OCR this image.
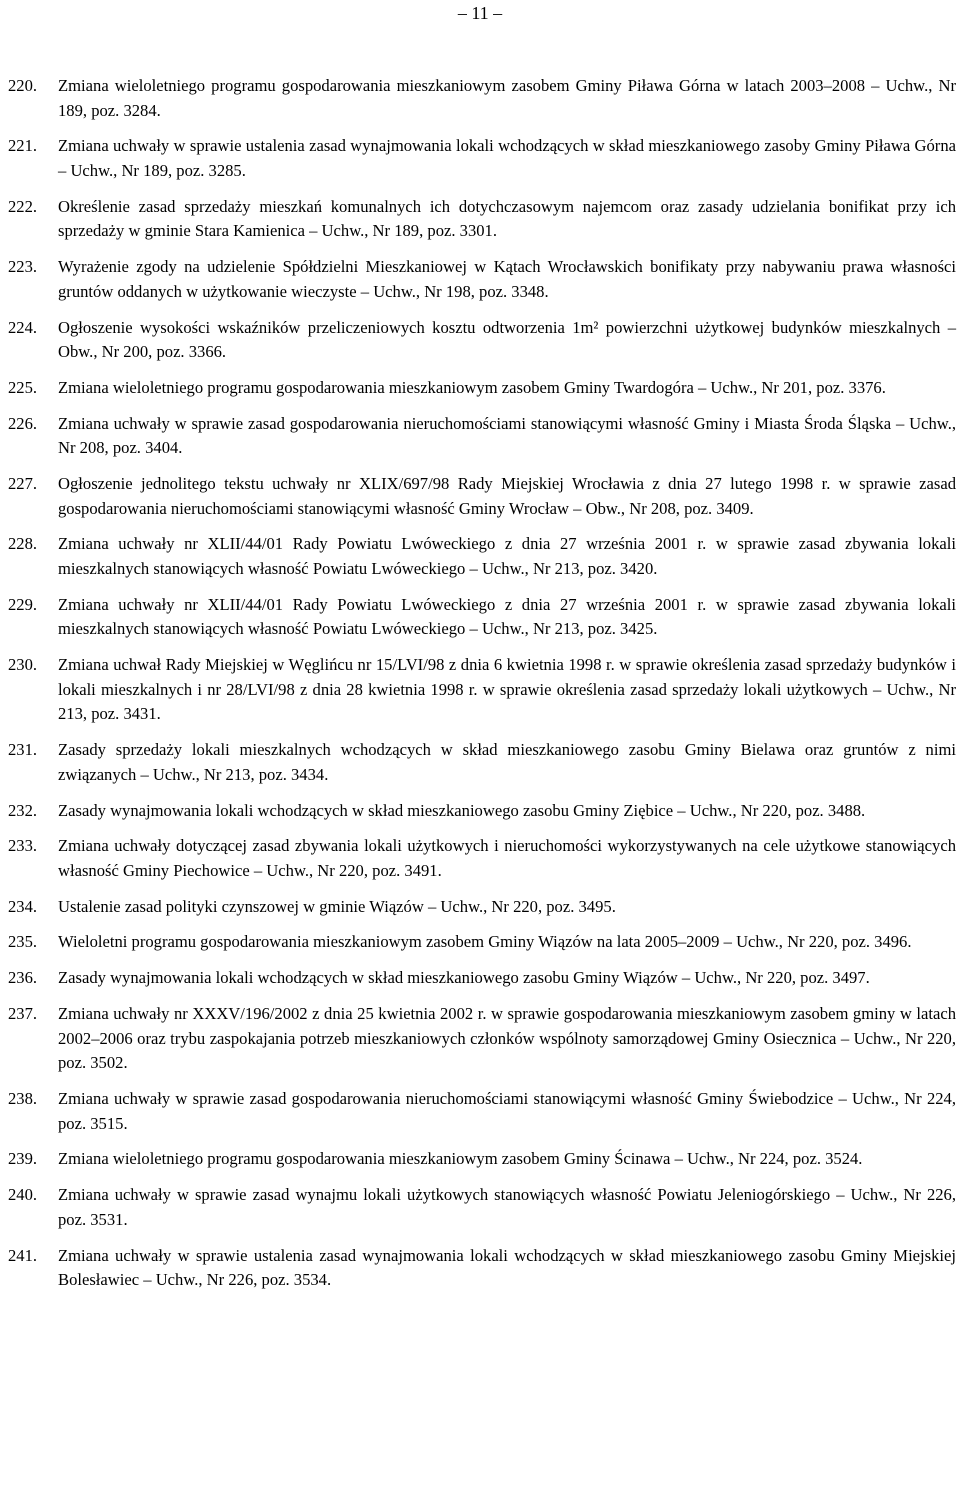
– 11 –
220.	Zmiana wieloletniego programu gospodarowania mieszkaniowym zasobem Gminy Piława Górna w latach 2003–2008 – Uchw., Nr 189, poz. 3284.
221.	Zmiana uchwały w sprawie ustalenia zasad wynajmowania lokali wchodzących w skład mieszkaniowego zasoby Gminy Piława Górna – Uchw., Nr 189, poz. 3285.
222.	Określenie zasad sprzedaży mieszkań komunalnych ich dotychczasowym najemcom oraz zasady udzielania bonifikat przy ich sprzedaży w gminie Stara Kamienica – Uchw., Nr 189, poz. 3301.
223.	Wyrażenie zgody na udzielenie Spółdzielni Mieszkaniowej w Kątach Wrocławskich bonifikaty przy nabywaniu prawa własności gruntów oddanych w użytkowanie wieczyste – Uchw., Nr 198, poz. 3348.
224.	Ogłoszenie wysokości wskaźników przeliczeniowych kosztu odtworzenia 1m² powierzchni użytkowej budynków mieszkalnych – Obw., Nr 200, poz. 3366.
225.	Zmiana wieloletniego programu gospodarowania mieszkaniowym zasobem Gminy Twardogóra – Uchw., Nr 201, poz. 3376.
226.	Zmiana uchwały w sprawie zasad gospodarowania nieruchomościami stanowiącymi własność Gminy i Miasta Środa Śląska – Uchw., Nr 208, poz. 3404.
227.	Ogłoszenie jednolitego tekstu uchwały nr XLIX/697/98 Rady Miejskiej Wrocławia z dnia 27 lutego 1998 r. w sprawie zasad gospodarowania nieruchomościami stanowiącymi własność Gminy Wrocław – Obw., Nr 208, poz. 3409.
228.	Zmiana uchwały nr XLII/44/01 Rady Powiatu Lwóweckiego z dnia 27 września 2001 r. w sprawie zasad zbywania lokali mieszkalnych stanowiących własność Powiatu Lwóweckiego – Uchw., Nr 213, poz. 3420.
229.	Zmiana uchwały nr XLII/44/01 Rady Powiatu Lwóweckiego z dnia 27 września 2001 r. w sprawie zasad zbywania lokali mieszkalnych stanowiących własność Powiatu Lwóweckiego – Uchw., Nr 213, poz. 3425.
230.	Zmiana uchwał Rady Miejskiej w Węglińcu nr 15/LVI/98 z dnia 6 kwietnia 1998 r. w sprawie określenia zasad sprzedaży budynków i lokali mieszkalnych i nr 28/LVI/98 z dnia 28 kwietnia 1998 r. w sprawie określenia zasad sprzedaży lokali użytkowych – Uchw., Nr 213, poz. 3431.
231.	Zasady sprzedaży lokali mieszkalnych wchodzących w skład mieszkaniowego zasobu Gminy Bielawa oraz gruntów z nimi związanych – Uchw., Nr 213, poz. 3434.
232.	Zasady wynajmowania lokali wchodzących w skład mieszkaniowego zasobu Gminy Ziębice – Uchw., Nr 220, poz. 3488.
233.	Zmiana uchwały dotyczącej zasad zbywania lokali użytkowych i nieruchomości wykorzystywanych na cele użytkowe stanowiących własność Gminy Piechowice – Uchw., Nr 220, poz. 3491.
234.	Ustalenie zasad polityki czynszowej w gminie Wiązów – Uchw., Nr 220, poz. 3495.
235.	Wieloletni programu gospodarowania mieszkaniowym zasobem Gminy Wiązów na lata 2005–2009 – Uchw., Nr 220, poz. 3496.
236.	Zasady wynajmowania lokali wchodzących w skład mieszkaniowego zasobu Gminy Wiązów – Uchw., Nr 220, poz. 3497.
237.	Zmiana uchwały nr XXXV/196/2002 z dnia 25 kwietnia 2002 r. w sprawie gospodarowania mieszkaniowym zasobem gminy w latach 2002–2006 oraz trybu zaspokajania potrzeb mieszkaniowych członków wspólnoty samorządowej Gminy Osiecznica – Uchw., Nr 220, poz. 3502.
238.	Zmiana uchwały w sprawie zasad gospodarowania nieruchomościami stanowiącymi własność Gminy Świebodzice – Uchw., Nr 224, poz. 3515.
239.	Zmiana wieloletniego programu gospodarowania mieszkaniowym zasobem Gminy Ścinawa – Uchw., Nr 224, poz. 3524.
240.	Zmiana uchwały w sprawie zasad wynajmu lokali użytkowych stanowiących własność Powiatu Jeleniogórskiego – Uchw., Nr 226, poz. 3531.
241.	Zmiana uchwały w sprawie ustalenia zasad wynajmowania lokali wchodzących w skład mieszkaniowego zasobu Gminy Miejskiej Bolesławiec – Uchw., Nr 226, poz. 3534.
